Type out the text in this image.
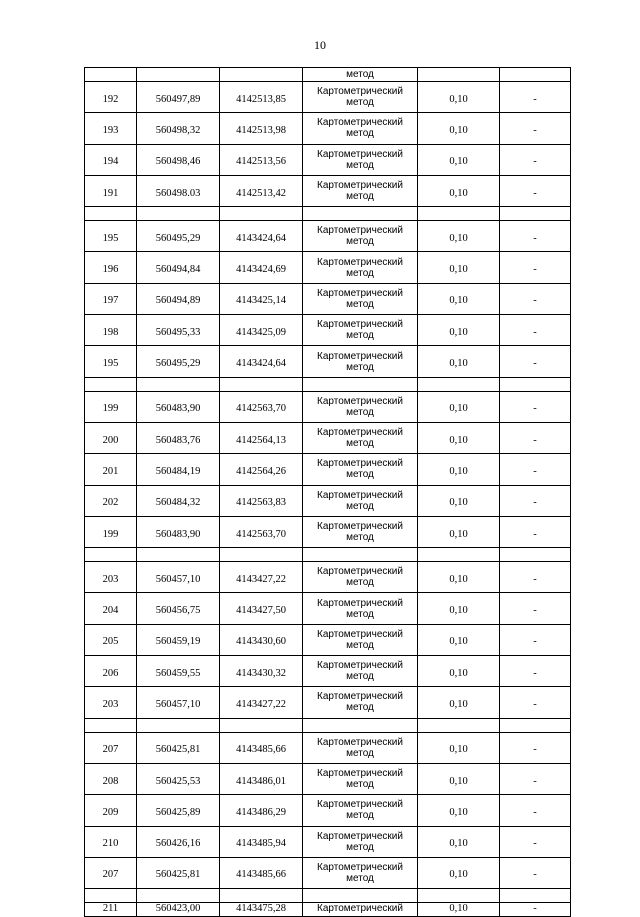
10
			метод		
192	560497,89	4142513,85	Картометрический метод	0,10	-
193	560498,32	4142513,98	Картометрический метод	0,10	-
194	560498,46	4142513,56	Картометрический метод	0,10	-
191	560498.03	4142513,42	Картометрический метод	0,10	-

195	560495,29	4143424,64	Картометрический метод	0,10	-
196	560494,84	4143424,69	Картометрический метод	0,10	-
197	560494,89	4143425,14	Картометрический метод	0,10	-
198	560495,33	4143425,09	Картометрический метод	0,10	-
195	560495,29	4143424,64	Картометрический метод	0,10	-

199	560483,90	4142563,70	Картометрический метод	0,10	-
200	560483,76	4142564,13	Картометрический метод	0,10	-
201	560484,19	4142564,26	Картометрический метод	0,10	-
202	560484,32	4142563,83	Картометрический метод	0,10	-
199	560483,90	4142563,70	Картометрический метод	0,10	-

203	560457,10	4143427,22	Картометрический метод	0,10	-
204	560456,75	4143427,50	Картометрический метод	0,10	-
205	560459,19	4143430,60	Картометрический метод	0,10	-
206	560459,55	4143430,32	Картометрический метод	0,10	-
203	560457,10	4143427,22	Картометрический метод	0,10	-

207	560425,81	4143485,66	Картометрический метод	0,10	-
208	560425,53	4143486,01	Картометрический метод	0,10	-
209	560425,89	4143486,29	Картометрический метод	0,10	-
210	560426,16	4143485,94	Картометрический метод	0,10	-
207	560425,81	4143485,66	Картометрический метод	0,10	-

211	560423,00	4143475,28	Картометрический	0,10	-
